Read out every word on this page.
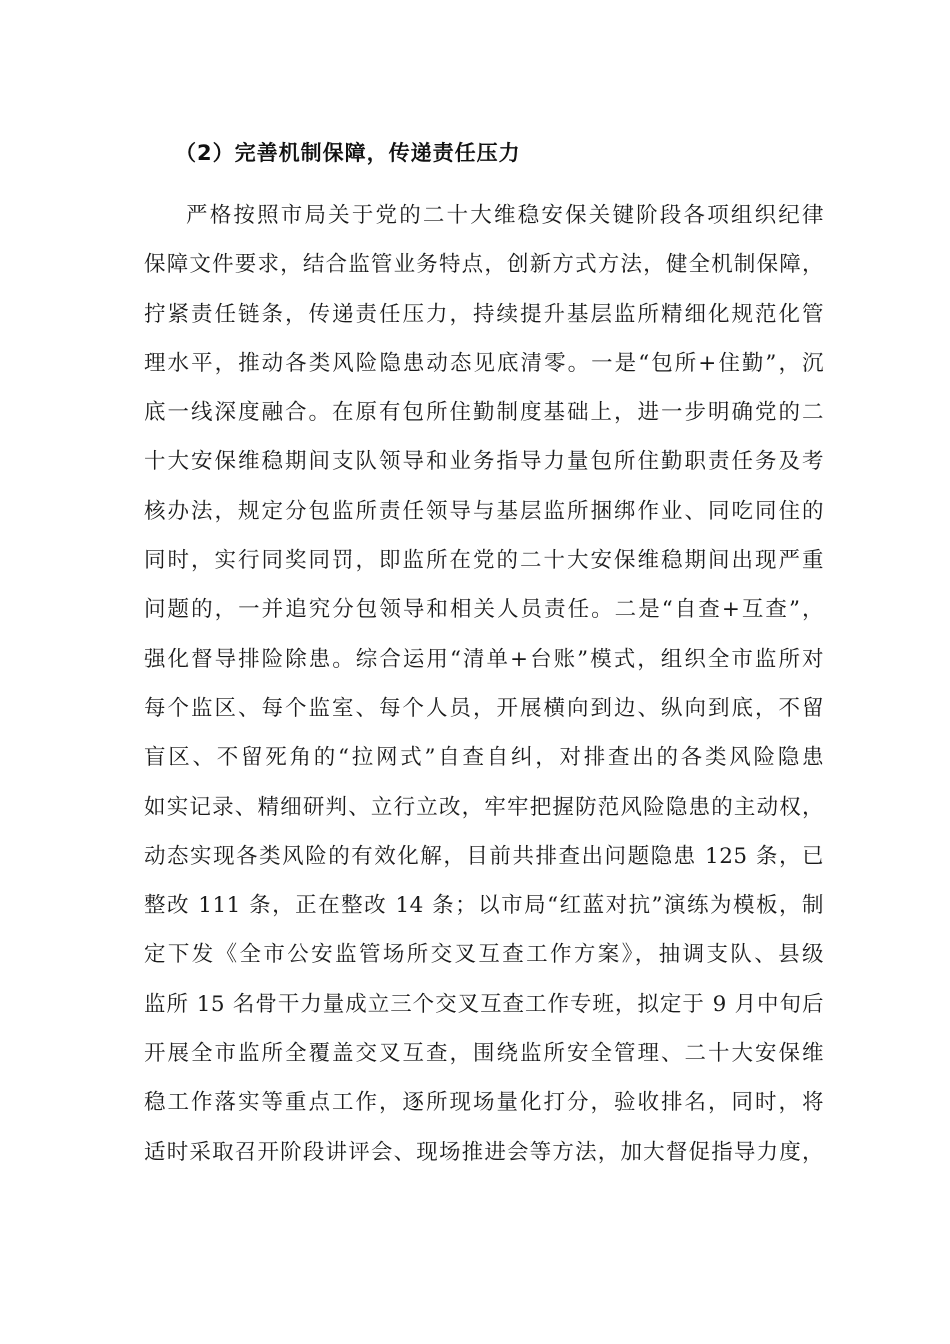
（2）完善机制保障，传递责任压力
严格按照市局关于党的二十大维稳安保关键阶段各项组织纪律
保障文件要求，结合监管业务特点，创新方式方法，健全机制保障，
拧紧责任链条，传递责任压力，持续提升基层监所精细化规范化管
理水平，推动各类风险隐患动态见底清零。一是“包所+住勤”，沉
底一线深度融合。在原有包所住勤制度基础上，进一步明确党的二
十大安保维稳期间支队领导和业务指导力量包所住勤职责任务及考
核办法，规定分包监所责任领导与基层监所捆绑作业、同吃同住的
同时，实行同奖同罚，即监所在党的二十大安保维稳期间出现严重
问题的，一并追究分包领导和相关人员责任。二是“自查+互查”，
强化督导排险除患。综合运用“清单+台账”模式，组织全市监所对
每个监区、每个监室、每个人员，开展横向到边、纵向到底，不留
盲区、不留死角的“拉网式”自查自纠，对排查出的各类风险隐患
如实记录、精细研判、立行立改，牢牢把握防范风险隐患的主动权，
动态实现各类风险的有效化解，目前共排查出问题隐患 125 条，已
整改 111 条，正在整改 14 条；以市局“红蓝对抗”演练为模板，制
定下发《全市公安监管场所交叉互查工作方案》，抽调支队、县级
监所 15 名骨干力量成立三个交叉互查工作专班，拟定于 9 月中旬后
开展全市监所全覆盖交叉互查，围绕监所安全管理、二十大安保维
稳工作落实等重点工作，逐所现场量化打分，验收排名，同时，将
适时采取召开阶段讲评会、现场推进会等方法，加大督促指导力度，
